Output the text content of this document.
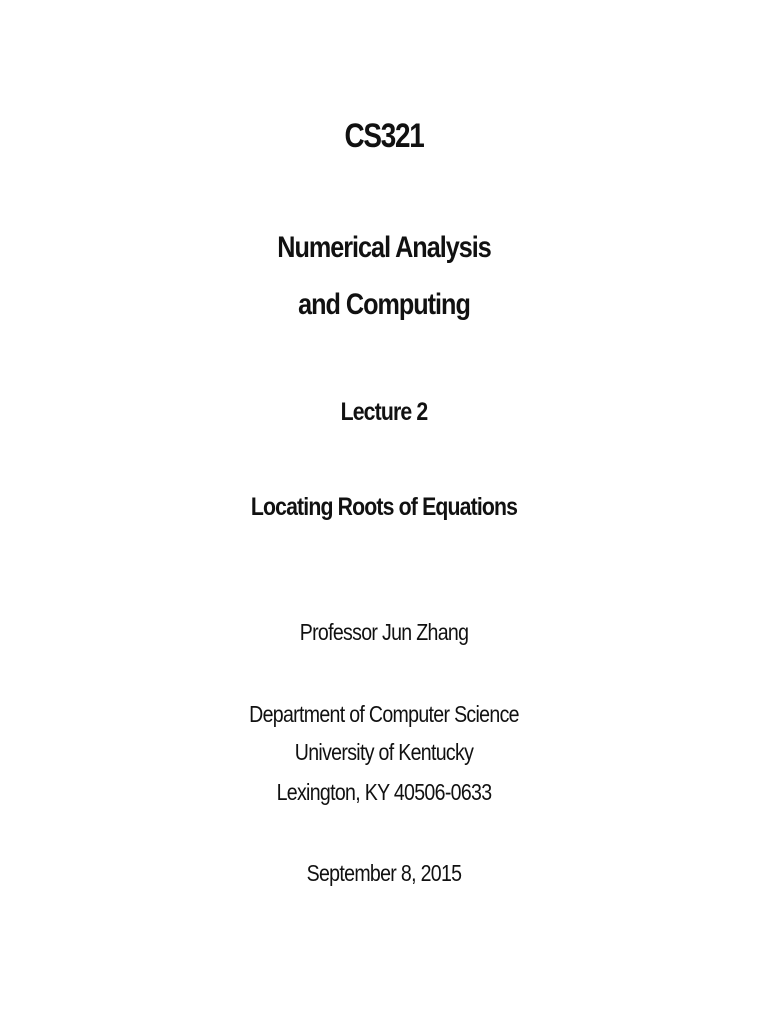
CS321
Numerical Analysis
and Computing
Lecture 2
Locating Roots of Equations
Professor Jun Zhang
Department of Computer Science
University of Kentucky
Lexington, KY 40506-0633
September 8, 2015
